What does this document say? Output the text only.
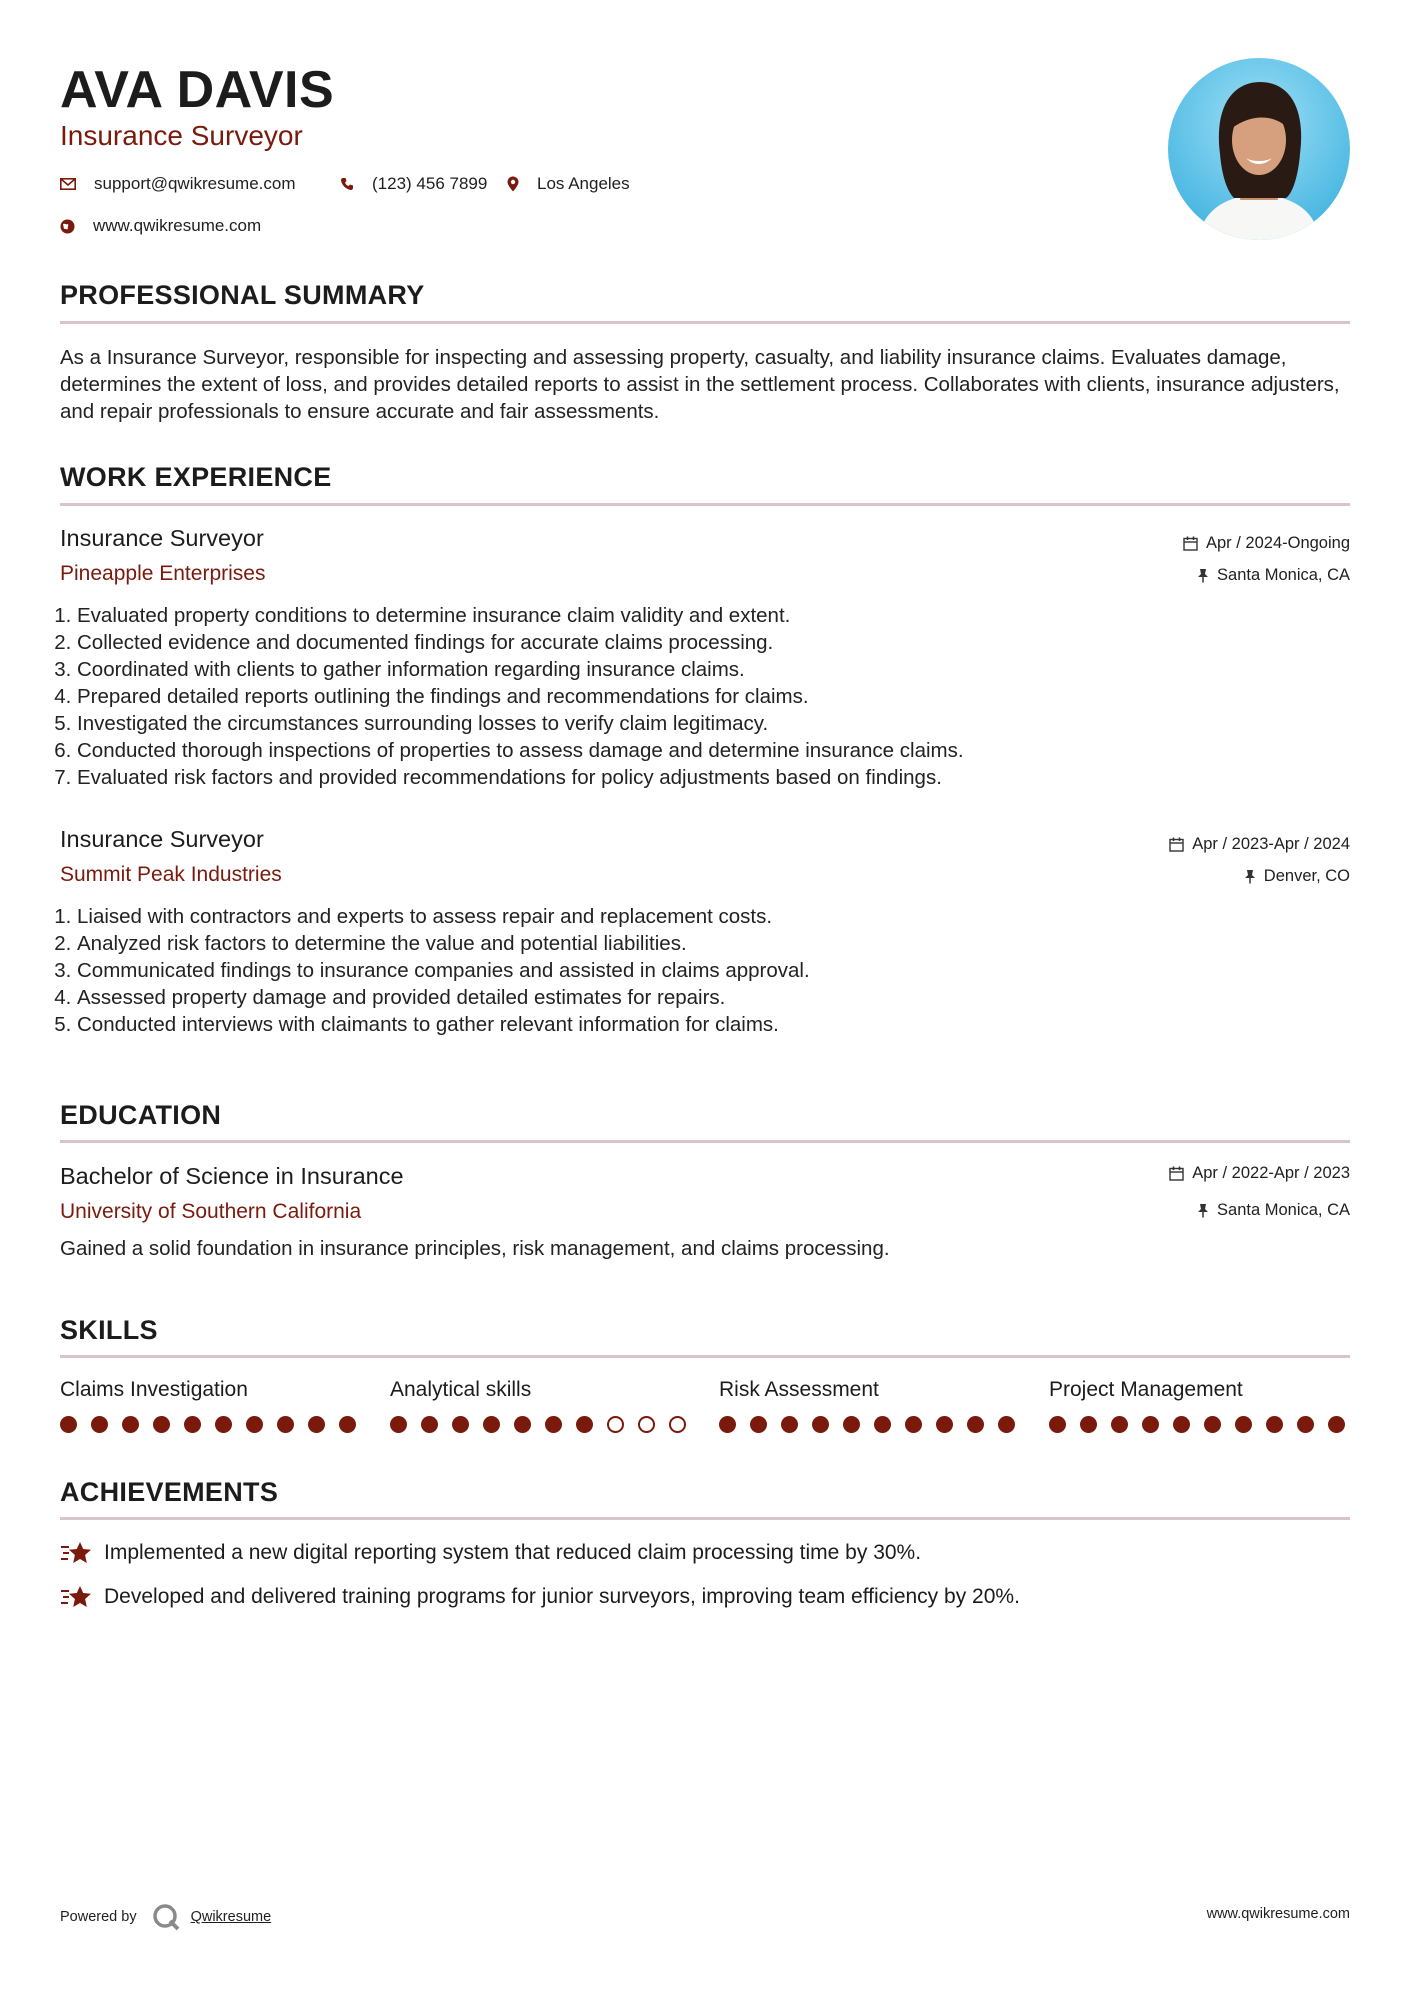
AVA DAVIS
Insurance Surveyor
support@qwikresume.com	(123) 456 7899	Los Angeles
www.qwikresume.com
PROFESSIONAL SUMMARY
As a Insurance Surveyor, responsible for inspecting and assessing property, casualty, and liability insurance claims. Evaluates damage, determines the extent of loss, and provides detailed reports to assist in the settlement process. Collaborates with clients, insurance adjusters, and repair professionals to ensure accurate and fair assessments.
WORK EXPERIENCE
Insurance Surveyor
Pineapple Enterprises
Apr / 2024-Ongoing
Santa Monica, CA
1. Evaluated property conditions to determine insurance claim validity and extent.
2. Collected evidence and documented findings for accurate claims processing.
3. Coordinated with clients to gather information regarding insurance claims.
4. Prepared detailed reports outlining the findings and recommendations for claims.
5. Investigated the circumstances surrounding losses to verify claim legitimacy.
6. Conducted thorough inspections of properties to assess damage and determine insurance claims.
7. Evaluated risk factors and provided recommendations for policy adjustments based on findings.
Insurance Surveyor
Summit Peak Industries
Apr / 2023-Apr / 2024
Denver, CO
1. Liaised with contractors and experts to assess repair and replacement costs.
2. Analyzed risk factors to determine the value and potential liabilities.
3. Communicated findings to insurance companies and assisted in claims approval.
4. Assessed property damage and provided detailed estimates for repairs.
5. Conducted interviews with claimants to gather relevant information for claims.
EDUCATION
Bachelor of Science in Insurance
University of Southern California
Apr / 2022-Apr / 2023
Santa Monica, CA
Gained a solid foundation in insurance principles, risk management, and claims processing.
SKILLS
Claims Investigation	Analytical skills	Risk Assessment	Project Management
ACHIEVEMENTS
Implemented a new digital reporting system that reduced claim processing time by 30%.
Developed and delivered training programs for junior surveyors, improving team efficiency by 20%.
Powered by	Qwikresume	www.qwikresume.com
